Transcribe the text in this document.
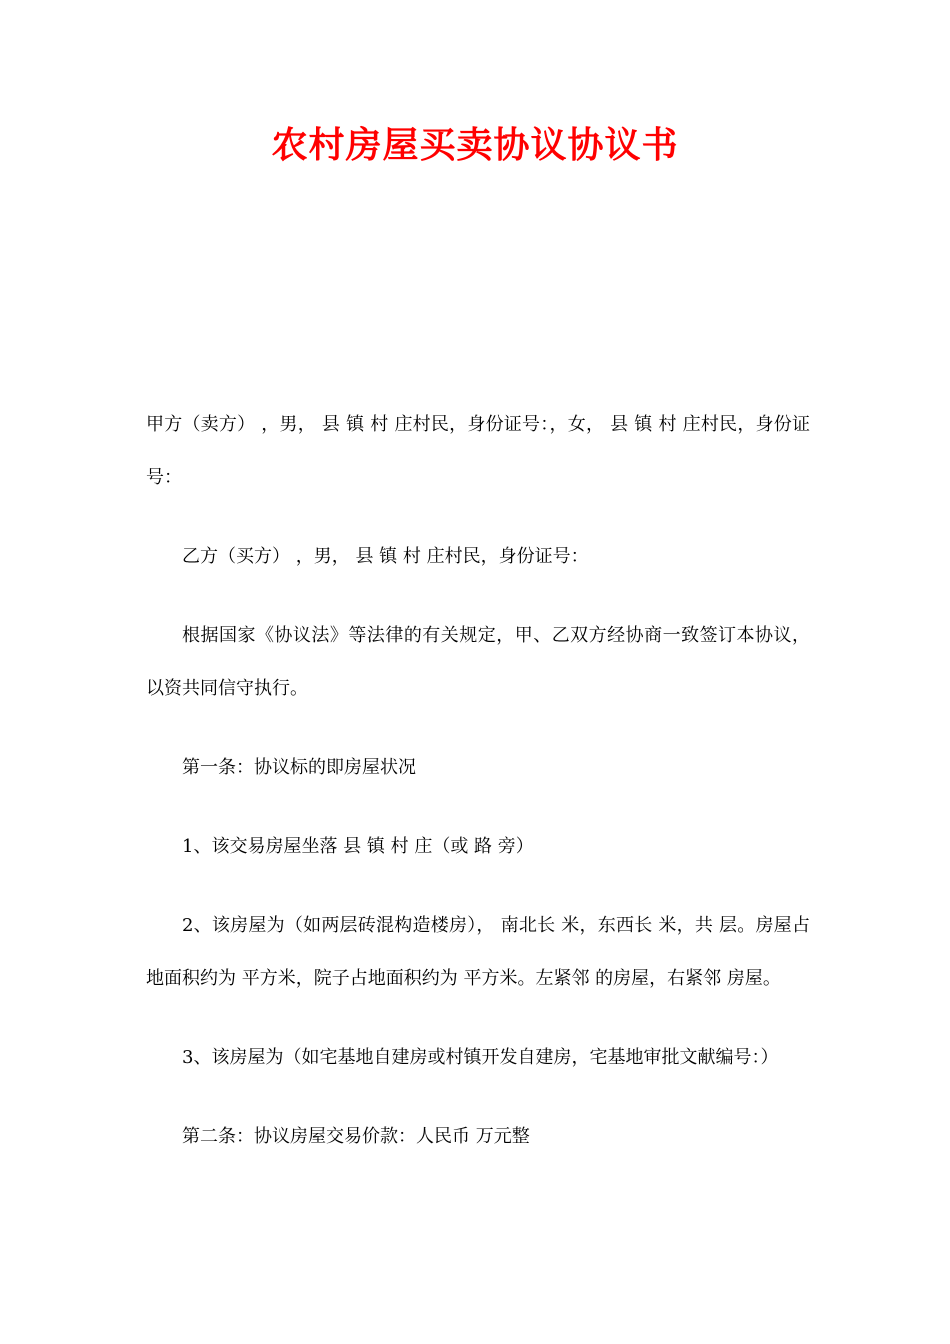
农村房屋买卖协议协议书

甲方（卖方） ，男， 县 镇 村 庄村民，身份证号：，女， 县 镇 村 庄村民，身份证号：

乙方（买方） ，男， 县 镇 村 庄村民，身份证号：

根据国家《协议法》等法律的有关规定，甲、乙双方经协商一致签订本协议，以资共同信守执行。

第一条：协议标的即房屋状况

1、该交易房屋坐落 县 镇 村 庄（或 路 旁）

2、该房屋为（如两层砖混构造楼房）， 南北长 米，东西长 米，共 层。房屋占地面积约为 平方米，院子占地面积约为 平方米。左紧邻 的房屋，右紧邻 房屋。

3、该房屋为（如宅基地自建房或村镇开发自建房，宅基地审批文献编号：）

第二条：协议房屋交易价款：人民币 万元整
